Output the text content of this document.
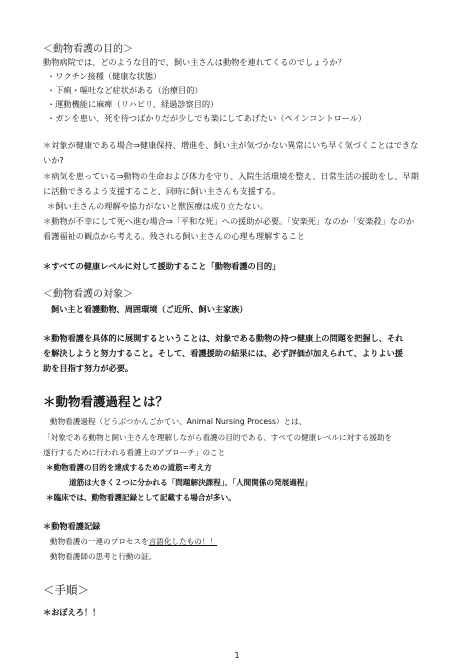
＜動物看護の目的＞
動物病院では、どのような目的で、飼い主さんは動物を連れてくるのでしょうか？
・ワクチン接種（健康な状態）
・下痢・嘔吐など症状がある（治療目的）
・運動機能に麻痺（リハビリ、経過診察目的）
・ガンを患い、死を待つばかりだが少しでも楽にしてあげたい（ペインコントロール）
＊対象が健康である場合⇒健康保持、増進を、飼い主が気づかない異常にいち早く気づくことはできな
いか?
＊病気を患っている⇒動物の生命および体力を守り、入院生活環境を整え、日常生活の援助をし、早期
に活動できるよう支援すること、同時に飼い主さんも支援する。
＊飼い主さんの理解や協力がないと獣医療は成り立たない。
＊動物が不幸にして死へ進む場合⇒「平和な死」への援助が必要。「安楽死」なのか「安楽殺」なのか
看護福祉の観点から考える。残される飼い主さんの心理も理解すること
＊すべての健康レベルに対して援助すること「動物看護の目的」
＜動物看護の対象＞
飼い主と看護動物、周囲環境（ご近所、飼い主家族）
＊動物看護を具体的に展開するということは、対象である動物の持つ健康上の問題を把握し、それ
を解決しようと努力すること。そして、看護援助の結果には、必ず評価が加えられて、よりよい援
助を目指す努力が必要。
＊動物看護過程とは？
動物看護過程（どうぶつかんごかてい、Animal Nursing Process）とは、
「対象である動物と飼い主さんを理解しながら看護の目的である、すべての健康レベルに対する援助を
遂行するために行われる看護上のアプローチ」のこと
＊動物看護の目的を達成するための道筋=考え方
道筋は大きく２つに分かれる「問題解決課程」、「人間関係の発展過程」
＊臨床では、動物看護記録として記載する場合が多い。
＊動物看護記録
動物看護の一連のプロセスを言語化したもの！！
動物看護師の思考と行動の証。
＜手順＞
＊おぼえろ！！
1
